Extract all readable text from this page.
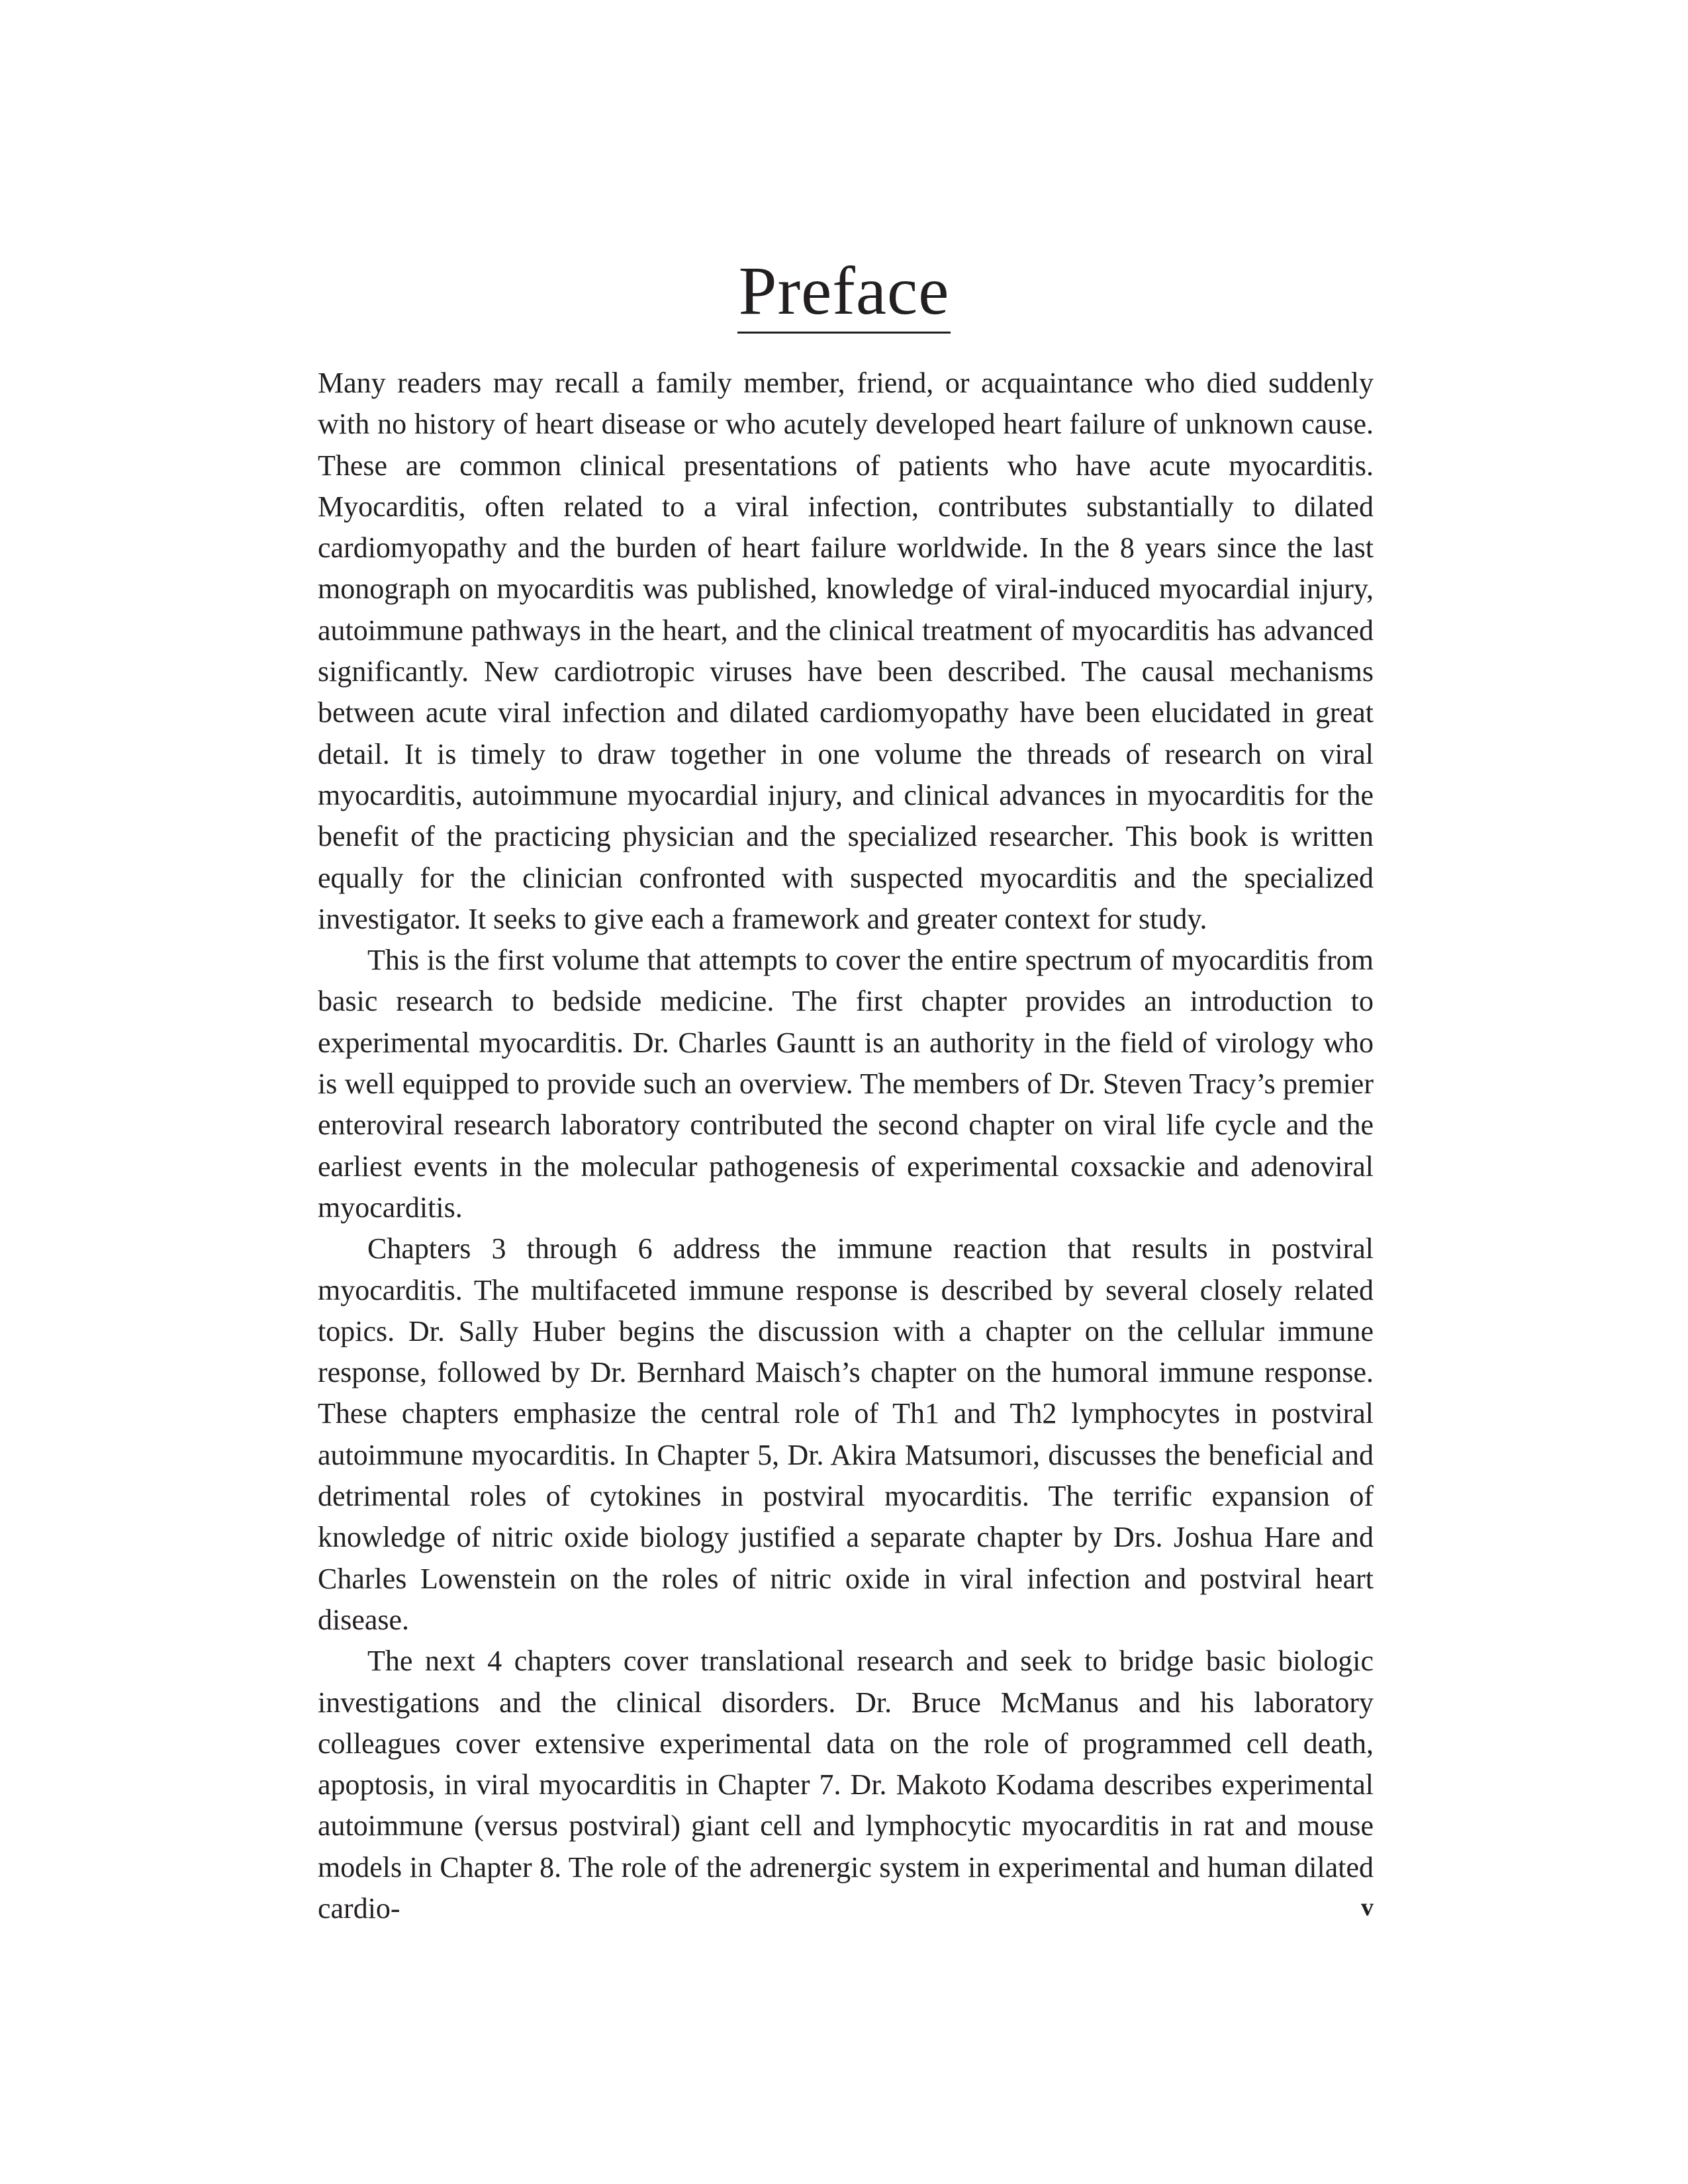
Preface

Many readers may recall a family member, friend, or acquaintance who died suddenly with no history of heart disease or who acutely developed heart failure of unknown cause. These are common clinical presentations of patients who have acute myocarditis. Myocarditis, often related to a viral infection, contributes substantially to dilated cardiomyopathy and the burden of heart failure worldwide. In the 8 years since the last monograph on myocarditis was published, knowledge of viral-induced myocardial injury, autoimmune pathways in the heart, and the clinical treatment of myocarditis has advanced significantly. New cardiotropic viruses have been described. The causal mechanisms between acute viral infection and dilated cardiomyopathy have been elucidated in great detail. It is timely to draw together in one volume the threads of research on viral myocarditis, autoimmune myocardial injury, and clinical advances in myocarditis for the benefit of the practicing physician and the specialized researcher. This book is written equally for the clinician confronted with suspected myocarditis and the specialized investigator. It seeks to give each a framework and greater context for study.

This is the first volume that attempts to cover the entire spectrum of myocarditis from basic research to bedside medicine. The first chapter provides an introduction to experimental myocarditis. Dr. Charles Gauntt is an authority in the field of virology who is well equipped to provide such an overview. The members of Dr. Steven Tracy’s premier enteroviral research laboratory contributed the second chapter on viral life cycle and the earliest events in the molecular pathogenesis of experimental coxsackie and adenoviral myocarditis.

Chapters 3 through 6 address the immune reaction that results in postviral myocarditis. The multifaceted immune response is described by several closely related topics. Dr. Sally Huber begins the discussion with a chapter on the cellular immune response, followed by Dr. Bernhard Maisch’s chapter on the humoral immune response. These chapters emphasize the central role of Th1 and Th2 lymphocytes in postviral autoimmune myocarditis. In Chapter 5, Dr. Akira Matsumori, discusses the beneficial and detrimental roles of cytokines in postviral myocarditis. The terrific expansion of knowledge of nitric oxide biology justified a separate chapter by Drs. Joshua Hare and Charles Lowenstein on the roles of nitric oxide in viral infection and postviral heart disease.

The next 4 chapters cover translational research and seek to bridge basic biologic investigations and the clinical disorders. Dr. Bruce McManus and his laboratory colleagues cover extensive experimental data on the role of programmed cell death, apoptosis, in viral myocarditis in Chapter 7. Dr. Makoto Kodama describes experimental autoimmune (versus postviral) giant cell and lymphocytic myocarditis in rat and mouse models in Chapter 8. The role of the adrenergic system in experimental and human dilated cardio-	v
